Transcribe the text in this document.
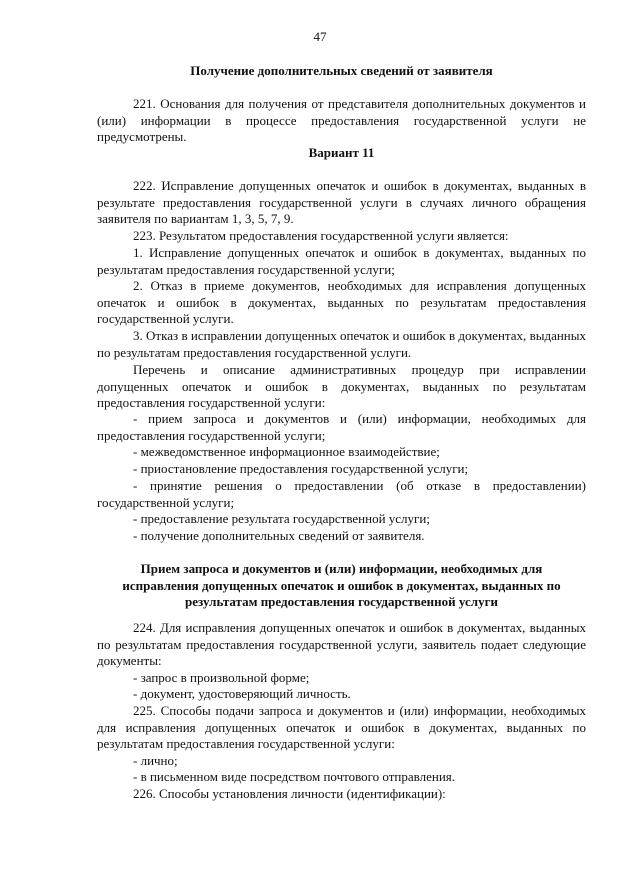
47
Получение дополнительных сведений от заявителя

221. Основания для получения от представителя дополнительных документов и (или) информации в процессе предоставления государственной услуги не предусмотрены.

Вариант 11

222. Исправление допущенных опечаток и ошибок в документах, выданных в результате предоставления государственной услуги в случаях личного обращения заявителя по вариантам 1, 3, 5, 7, 9.

223. Результатом предоставления государственной услуги является:

1. Исправление допущенных опечаток и ошибок в документах, выданных по результатам предоставления государственной услуги;

2. Отказ в приеме документов, необходимых для исправления допущенных опечаток и ошибок в документах, выданных по результатам предоставления государственной услуги.

3. Отказ в исправлении допущенных опечаток и ошибок в документах, выданных по результатам предоставления государственной услуги.

Перечень и описание административных процедур при исправлении допущенных опечаток и ошибок в документах, выданных по результатам предоставления государственной услуги:

- прием запроса и документов и (или) информации, необходимых для предоставления государственной услуги;

- межведомственное информационное взаимодействие;

- приостановление предоставления государственной услуги;

- принятие решения о предоставлении (об отказе в предоставлении) государственной услуги;

- предоставление результата государственной услуги;

- получение дополнительных сведений от заявителя.

Прием запроса и документов и (или) информации, необходимых для исправления допущенных опечаток и ошибок в документах, выданных по результатам предоставления государственной услуги

224. Для исправления допущенных опечаток и ошибок в документах, выданных по результатам предоставления государственной услуги, заявитель подает следующие документы:

- запрос в произвольной форме;

- документ, удостоверяющий личность.

225. Способы подачи запроса и документов и (или) информации, необходимых для исправления допущенных опечаток и ошибок в документах, выданных по результатам предоставления государственной услуги:

- лично;

- в письменном виде посредством почтового отправления.

226. Способы установления личности (идентификации):
